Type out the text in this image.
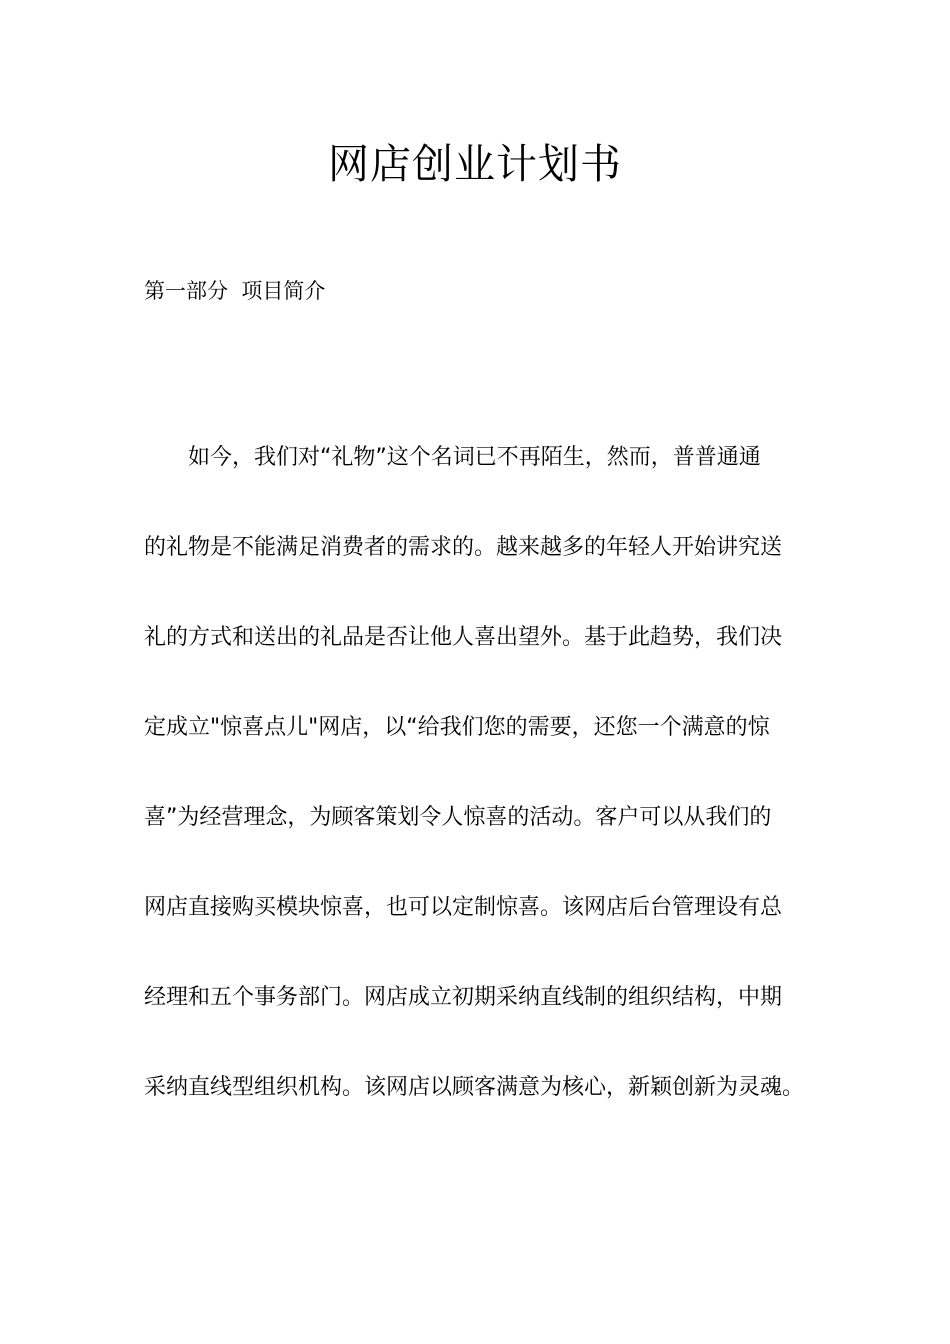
网店创业计划书
第一部分  项目简介
如今，我们对“礼物”这个名词已不再陌生，然而，普普通通
的礼物是不能满足消费者的需求的。越来越多的年轻人开始讲究送
礼的方式和送出的礼品是否让他人喜出望外。基于此趋势，我们决
定成立"惊喜点儿"网店，以“给我们您的需要，还您一个满意的惊
喜”为经营理念，为顾客策划令人惊喜的活动。客户可以从我们的
网店直接购买模块惊喜，也可以定制惊喜。该网店后台管理设有总
经理和五个事务部门。网店成立初期采纳直线制的组织结构，中期
采纳直线型组织机构。该网店以顾客满意为核心，新颖创新为灵魂。
